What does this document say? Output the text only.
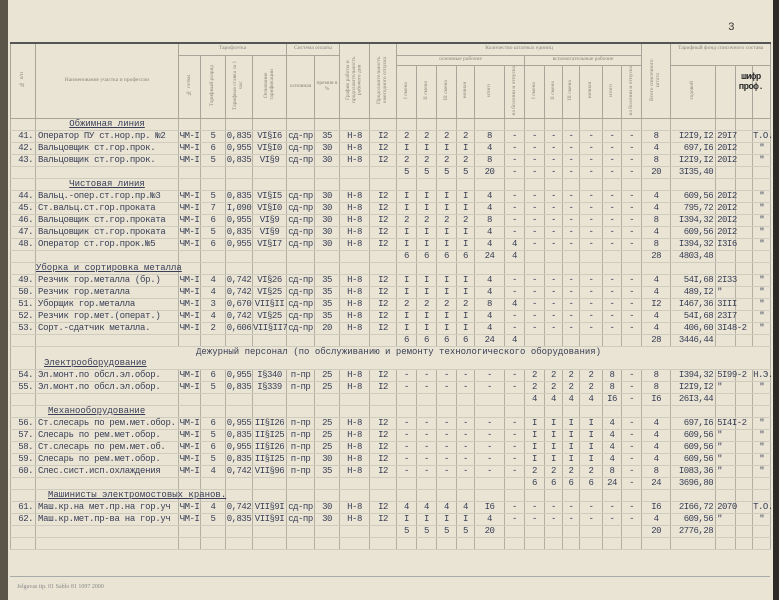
3
№ п/п	Наименование участка и профессии	Тарифсетка				Система оплаты		График работы и продолжительность рабочего дня	Продолжительность ежегодного отпуска	Количество штатных единиц												Всего списочного штата	Тарифный фонд списочного состава			
		№ сетки	Тарифный разряд	Тарифная ставка за 1 час	Основание тарификации	основная	премия в %			основные рабочие						вспомогательные рабочие										
										I смена	II смена	III смена	ночная	итого	на болезни и отпуска	I смена	II смена	III смена	ночная	итого	на болезни и отпуска		годовой			
	Обжимная линия																									
41.	Оператор ПУ ст.нор.пр. №2	ЧМ-I	5	0,835	VI§I6	сд-пр	35	Н-8	I2	2	2	2	2	8	-	-	-	-	-	-	-	8	I2I9,I2	29I7		Т.О.
42.	Вальцовщик ст.гор.прок.	ЧМ-I	6	0,955	VI§I0	сд-пр	30	Н-8	I2	I	I	I	I	4	-	-	-	-	-	-	-	4	697,I6	20I2		"
43.	Вальцовщик ст.гор.прок.	ЧМ-I	5	0,835	VI§9	сд-пр	30	Н-8	I2	2	2	2	2	8	-	-	-	-	-	-	-	8	I2I9,I2	20I2		"
										5	5	5	5	20	-	-	-	-	-	-	-	20	3I35,40			
	Чистовая линия																									
44.	Вальц.-опер.ст.гор.пр.№3	ЧМ-I	5	0,835	VI§I5	сд-пр	30	Н-8	I2	I	I	I	I	4	-	-	-	-	-	-	-	4	609,56	20I2		"
45.	Ст.вальц.ст.гор.проката	ЧМ-I	7	I,090	VI§I0	сд-пр	30	Н-8	I2	I	I	I	I	4	-	-	-	-	-	-	-	4	795,72	20I2		"
46.	Вальцовщик ст.гор.проката	ЧМ-I	6	0,955	VI§9	сд-пр	30	Н-8	I2	2	2	2	2	8	-	-	-	-	-	-	-	8	I394,32	20I2		"
47.	Вальцовщик ст.гор.проката	ЧМ-I	5	0,835	VI§9	сд-пр	30	Н-8	I2	I	I	I	I	4	-	-	-	-	-	-	-	4	609,56	20I2		"
48.	Оператор ст.гор.прок.№5	ЧМ-I	6	0,955	VI§I7	сд-пр	30	Н-8	I2	I	I	I	I	4	4	-	-	-	-	-	-	8	I394,32	I3I6		"
										6	6	6	6	24	4							28	4803,48			
	Уборка и сортировка металла																									
49.	Резчик гор.металла (бр.)	ЧМ-I	4	0,742	VI§26	сд-пр	35	Н-8	I2	I	I	I	I	4	-	-	-	-	-	-	-	4	54I,68	2I33		"
50.	Резчик гор.металла	ЧМ-I	4	0,742	VI§25	сд-пр	35	Н-8	I2	I	I	I	I	4	-	-	-	-	-	-	-	4	489,I2	"		"
51.	Уборщик гор.металла	ЧМ-I	3	0,670	VII§II	сд-пр	35	Н-8	I2	2	2	2	2	8	4	-	-	-	-	-	-	I2	I467,36	3III		"
52.	Резчик гор.мет.(операт.)	ЧМ-I	4	0,742	VI§25	сд-пр	35	Н-8	I2	I	I	I	I	4	-	-	-	-	-	-	-	4	54I,68	23I7		"
53.	Сорт.-сдатчик металла.	ЧМ-I	2	0,606	VII§II7	сд-пр	20	Н-8	I2	I	I	I	I	4	-	-	-	-	-	-	-	4	406,60	3I48-2		"
										6	6	6	6	24	4							28	3446,44			

	Дежурный персонал (по обслуживанию и ремонту технологического оборудования)
Электрооборудование																									

54.	Эл.монт.по обсл.эл.обор.	ЧМ-I	6	0,955	I§340	п-пр	25	Н-8	I2	-	-	-	-	-	-	2	2	2	2	8	-	8	I394,32	5I99-2		Н.Э.
55.	Эл.монт.по обсл.эл.обор.	ЧМ-I	5	0,835	I§339	п-пр	25	Н-8	I2	-	-	-	-	-	-	2	2	2	2	8	-	8	I2I9,I2	"		"
																4	4	4	4	I6	-	I6	26I3,44			
	Механооборудование																									
56.	Ст.слесарь по рем.мет.обор.	ЧМ-I	6	0,955	II§I26	п-пр	25	Н-8	I2	-	-	-	-	-	-	I	I	I	I	4	-	4	697,I6	5I4I-2		"
57.	Слесарь по рем.мет.обор.	ЧМ-I	5	0,835	II§I25	п-пр	25	Н-8	I2	-	-	-	-	-	-	I	I	I	I	4	-	4	609,56	"		"
58.	Ст.слесарь по рем.мет.об.	ЧМ-I	6	0,955	II§I26	п-пр	25	Н-8	I2	-	-	-	-	-	-	I	I	I	I	4	-	4	609,56	"		"
59.	Слесарь по рем.мет.обор.	ЧМ-I	5	0,835	II§I25	п-пр	30	Н-8	I2	-	-	-	-	-	-	I	I	I	I	4	-	4	609,56	"		"
60.	Слес.сист.исп.охлаждения	ЧМ-I	4	0,742	VII§96	п-пр	35	Н-8	I2	-	-	-	-	-	-	2	2	2	2	8	-	8	I083,36	"		"
																6	6	6	6	24	-	24	3696,80			
	Машинисты электромостовых кранов.																									
61.	Маш.кр.на мет.пр.на гор.уч	ЧМ-I	4	0,742	VII§9I	сд-пр	30	Н-8	I2	4	4	4	4	I6	-	-	-	-	-	-	-	I6	2I66,72	2070		Т.О.
62.	Маш.кр.мет.пр-ва на гор.уч	ЧМ-I	5	0,835	VII§9I	сд-пр	30	Н-8	I2	I	I	I	I	4	-	-	-	-	-	-	-	4	609,56	"		"
										5	5	5	5	20								20	2776,28			

шифр проф.
Jelgavas tip. 01 Sablo 81 1097 2000
